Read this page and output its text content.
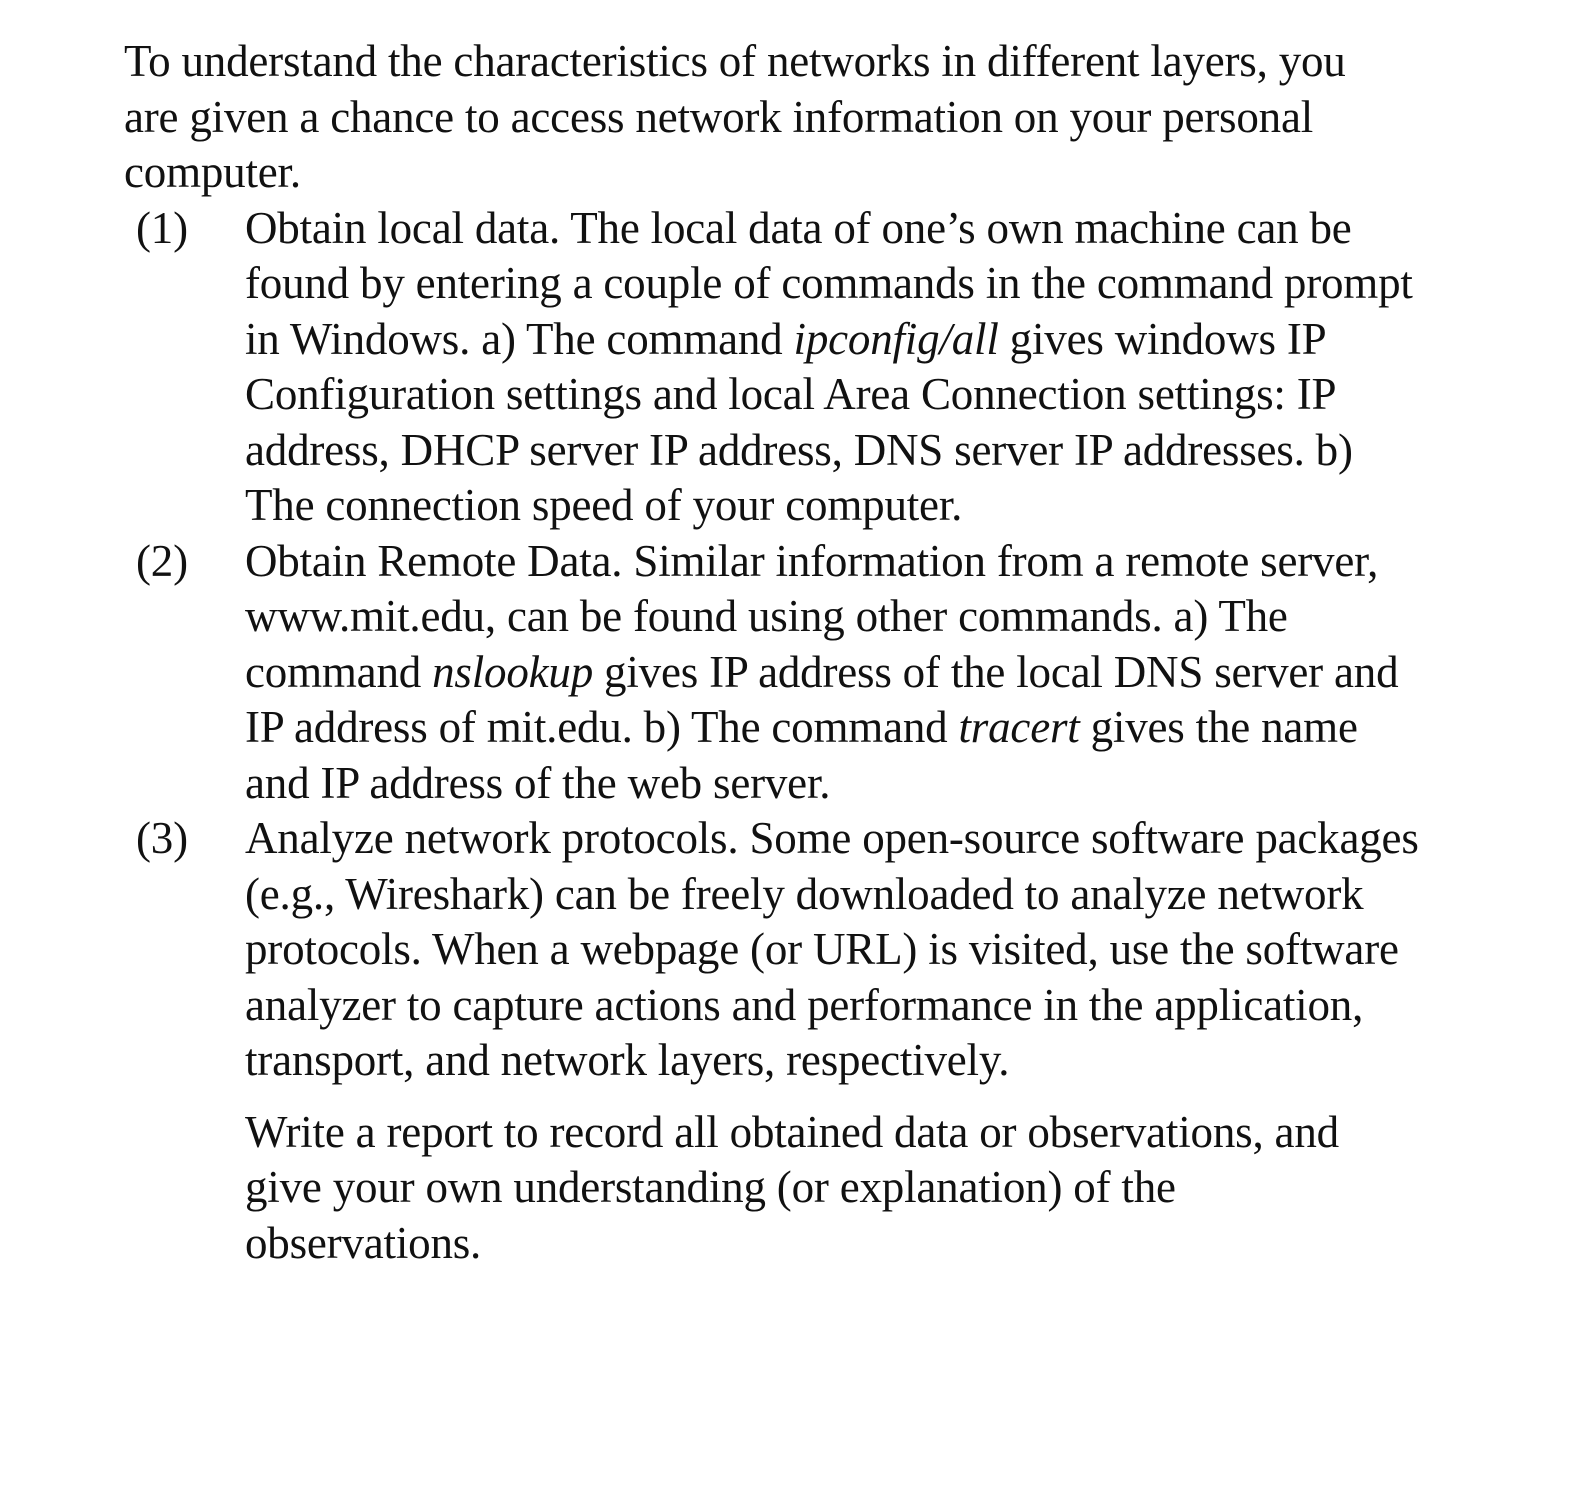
To understand the characteristics of networks in different layers, you are given a chance to access network information on your personal computer.

(1) Obtain local data. The local data of one’s own machine can be found by entering a couple of commands in the command prompt in Windows. a) The command ipconfig/all gives windows IP Configuration settings and local Area Connection settings: IP address, DHCP server IP address, DNS server IP addresses. b) The connection speed of your computer.
(2) Obtain Remote Data. Similar information from a remote server, www.mit.edu, can be found using other commands. a) The command nslookup gives IP address of the local DNS server and IP address of mit.edu. b) The command tracert gives the name and IP address of the web server.
(3) Analyze network protocols. Some open-source software packages (e.g., Wireshark) can be freely downloaded to analyze network protocols. When a webpage (or URL) is visited, use the software analyzer to capture actions and performance in the application, transport, and network layers, respectively.

Write a report to record all obtained data or observations, and give your own understanding (or explanation) of the observations.
